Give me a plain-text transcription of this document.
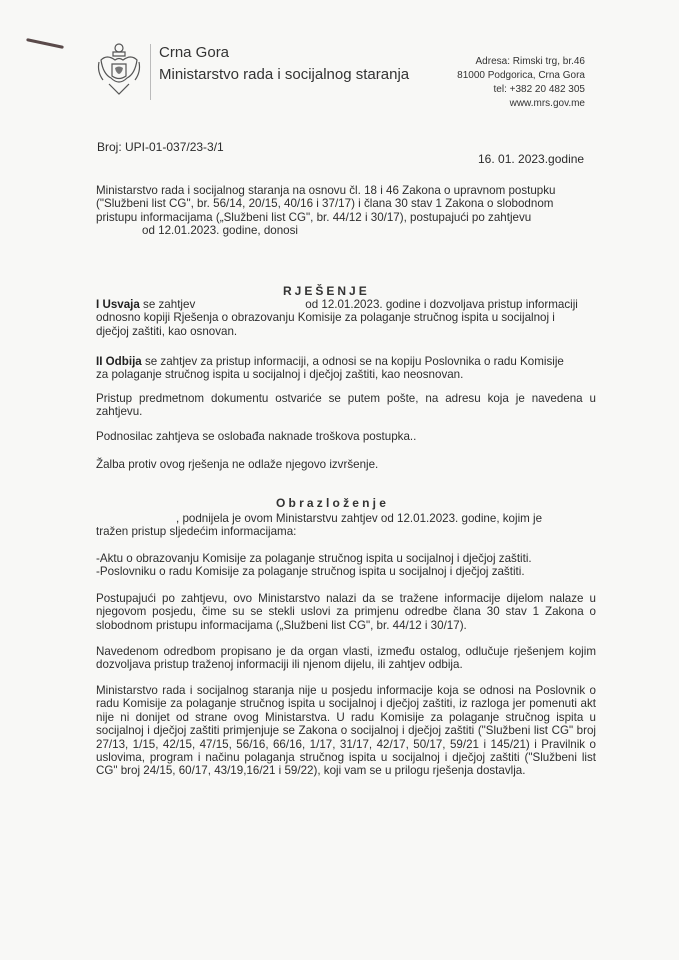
Crna Gora
Ministarstvo rada i socijalnog staranja
Adresa: Rimski trg, br.46
81000 Podgorica, Crna Gora
tel: +382 20 482 305
www.mrs.gov.me
Broj: UPI-01-037/23-3/1
16. 01. 2023.godine

Ministarstvo rada i socijalnog staranja na osnovu čl. 18 i 46 Zakona o upravnom postupku

("Službeni list CG", br. 56/14, 20/15, 40/16 i 37/17) i člana 30 stav 1 Zakona o slobodnom

pristupu informacijama („Službeni list CG", br. 44/12 i 30/17), postupajući po zahtjevu

od 12.01.2023. godine, donosi

RJEŠENJE

I Usvaja se zahtjev	od 12.01.2023. godine i dozvoljava pristup informaciji

odnosno kopiji Rješenja o obrazovanju Komisije za polaganje stručnog ispita u socijalnoj i

dječjoj zaštiti, kao osnovan.

II Odbija se zahtjev za pristup informaciji, a odnosi se na kopiju Poslovnika o radu Komisije

za polaganje stručnog ispita u socijalnoj i dječjoj zaštiti, kao neosnovan.

Pristup predmetnom dokumentu ostvariće se putem pošte, na adresu koja je navedena u zahtjevu.
Podnosilac zahtjeva se oslobađa naknade troškova postupka..
Žalba protiv ovog rješenja ne odlaže njegovo izvršenje.
Obrazloženje

, podnijela je ovom Ministarstvu zahtjev od 12.01.2023. godine, kojim je

tražen pristup sljedećim informacijama:

-Aktu o obrazovanju Komisije za polaganje stručnog ispita u socijalnoj i dječjoj zaštiti.

-Poslovniku o radu Komisije za polaganje stručnog ispita u socijalnoj i dječjoj zaštiti.

Postupajući po zahtjevu, ovo Ministarstvo nalazi da se tražene informacije dijelom nalaze u njegovom posjedu, čime su se stekli uslovi za primjenu odredbe člana 30 stav 1 Zakona o slobodnom pristupu informacijama („Službeni list CG", br. 44/12 i 30/17).
Navedenom odredbom propisano je da organ vlasti, između ostalog, odlučuje rješenjem kojim dozvoljava pristup traženoj informaciji ili njenom dijelu, ili zahtjev odbija.
Ministarstvo rada i socijalnog staranja nije u posjedu informacije koja se odnosi na Poslovnik o radu Komisije za polaganje stručnog ispita u socijalnoj i dječjoj zaštiti, iz razloga jer pomenuti akt nije ni donijet od strane ovog Ministarstva. U radu Komisije za polaganje stručnog ispita u socijalnoj i dječjoj zaštiti primjenjuje se Zakona o socijalnoj i dječjoj zaštiti ("Službeni list CG" broj 27/13, 1/15, 42/15, 47/15, 56/16, 66/16, 1/17, 31/17, 42/17, 50/17, 59/21 i 145/21) i Pravilnik o uslovima, program i načinu polaganja stručnog ispita u socijalnoj i dječjoj zaštiti ("Službeni list CG" broj 24/15, 60/17, 43/19,16/21 i 59/22), koji vam se u prilogu rješenja dostavlja.
